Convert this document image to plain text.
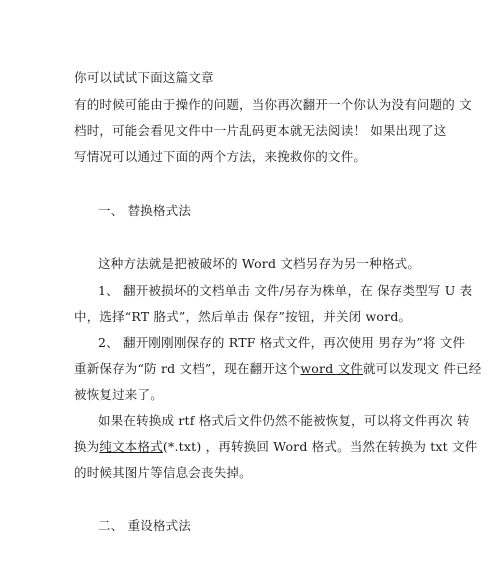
你可以试试下面这篇文章
有的时候可能由于操作的问题，当你再次翻开一个你认为没有问题的 文
档时，可能会看见文件中一片乱码更本就无法阅读！ 如果出现了这
写情况可以通过下面的两个方法，来挽救你的文件。
一、 替换格式法
这种方法就是把被破坏的 Word 文档另存为另一种格式。
1、 翻开被损坏的文档单击 文件/另存为株单，在 保存类型写 U 表
中，选择“RT 胳式”，然后单击 保存”按钮，并关闭 word。
2、 翻开刚刚刚保存的 RTF 格式文件，再次使用 男存为”将 文件
重新保存为“防 rd 文档”，现在翻开这个word 文件就可以发现文 件已经
被恢复过来了。
如果在转换成 rtf 格式后文件仍然不能被恢复，可以将文件再次 转
换为纯文本格式(*.txt) ，再转换回 Word 格式。当然在转换为 txt 文件
的时候其图片等信息会丧失掉。
二、 重设格式法
